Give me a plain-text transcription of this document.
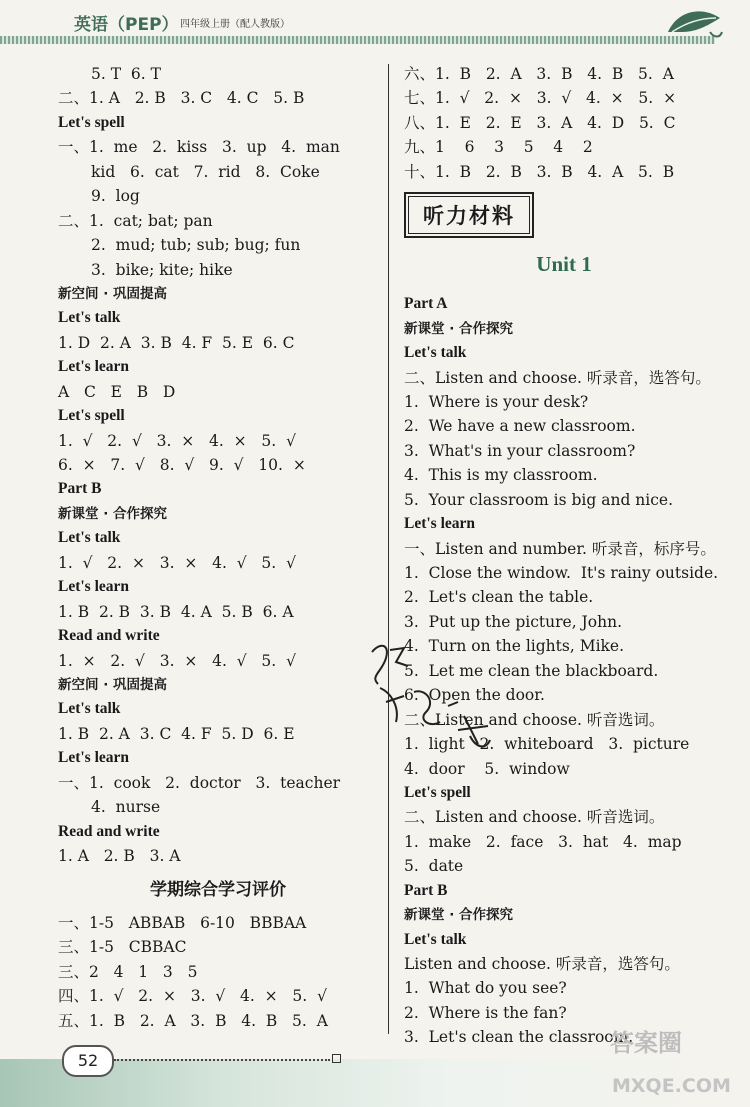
英语（PEP） 四年级上册（配人教版）
5. T  6. T
二、1. A   2. B   3. C   4. C   5. B
Let's spell
一、1.  me   2.  kiss   3.  up   4.  man
kid   6.  cat   7.  rid   8.  Coke
9.  log
二、1.  cat; bat; pan
2.  mud; tub; sub; bug; fun
3.  bike; kite; hike
新空间 · 巩固提高
Let's talk
1. D  2. A  3. B  4. F  5. E  6. C
Let's learn
A   C   E   B   D
Let's spell
1.  √   2.  √   3.  ×   4.  ×   5.  √
6.  ×   7.  √   8.  √   9.  √   10.  ×
Part B
新课堂 · 合作探究
Let's talk
1.  √   2.  ×   3.  ×   4.  √   5.  √
Let's learn
1. B  2. B  3. B  4. A  5. B  6. A
Read and write
1.  ×   2.  √   3.  ×   4.  √   5.  √
新空间 · 巩固提高
Let's talk
1. B  2. A  3. C  4. F  5. D  6. E
Let's learn
一、1.  cook   2.  doctor   3.  teacher
4.  nurse
Read and write
1. A   2. B   3. A
学期综合学习评价
一、1-5   ABBAB   6-10   BBBAA
三、1-5   CBBAC
三、2   4   1   3   5
四、1.  √   2.  ×   3.  √   4.  ×   5.  √
五、1.  B   2.  A   3.  B   4.  B   5.  A
六、1.  B   2.  A   3.  B   4.  B   5.  A
七、1.  √   2.  ×   3.  √   4.  ×   5.  ×
八、1.  E   2.  E   3.  A   4.  D   5.  C
九、1    6    3    5    4    2
十、1.  B   2.  B   3.  B   4.  A   5.  B
听力材料
Unit 1
Part A
新课堂 · 合作探究
Let's talk
二、Listen and choose. 听录音，选答句。
1.  Where is your desk?
2.  We have a new classroom.
3.  What's in your classroom?
4.  This is my classroom.
5.  Your classroom is big and nice.
Let's learn
一、Listen and number. 听录音，标序号。
1.  Close the window.  It's rainy outside.
2.  Let's clean the table.
3.  Put up the picture, John.
4.  Turn on the lights, Mike.
5.  Let me clean the blackboard.
6.  Open the door.
二、Listen and choose. 听音选词。
1.  light   2.  whiteboard   3.  picture
4.  door    5.  window
Let's spell
二、Listen and choose. 听音选词。
1.  make   2.  face   3.  hat   4.  map
5.  date
Part B
新课堂 · 合作探究
Let's talk
Listen and choose. 听录音，选答句。
1.  What do you see?
2.  Where is the fan?
3.  Let's clean the classroom.
52
答案圈
MXQE.COM
